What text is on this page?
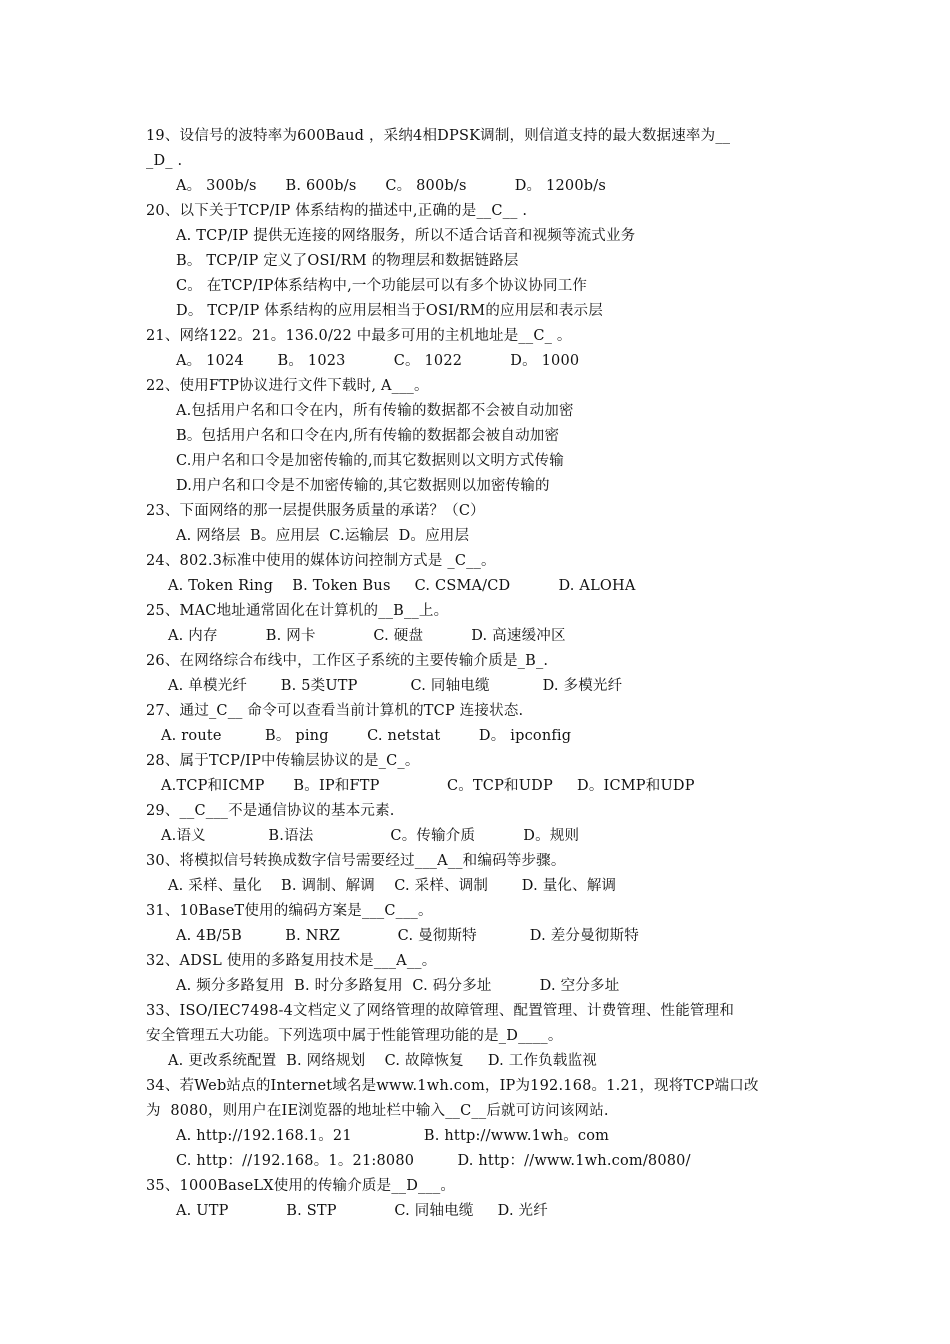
19、设信号的波特率为600Baud ，采纳4相DPSK调制，则信道支持的最大数据速率为__
_D_ .
A。 300b/s      B. 600b/s      C。 800b/s          D。 1200b/s
20、以下关于TCP/IP 体系结构的描述中,正确的是__C__ .
A. TCP/IP 提供无连接的网络服务，所以不适合话音和视频等流式业务
B。 TCP/IP 定义了OSI/RM 的物理层和数据链路层
C。 在TCP/IP体系结构中,一个功能层可以有多个协议协同工作
D。 TCP/IP 体系结构的应用层相当于OSI/RM的应用层和表示层
21、网络122。21。136.0/22 中最多可用的主机地址是__C_ 。
A。 1024       B。 1023          C。 1022          D。 1000
22、使用FTP协议进行文件下载时, A___。
A.包括用户名和口令在内，所有传输的数据都不会被自动加密
B。包括用户名和口令在内,所有传输的数据都会被自动加密
C.用户名和口令是加密传输的,而其它数据则以文明方式传输
D.用户名和口令是不加密传输的,其它数据则以加密传输的
23、下面网络的那一层提供服务质量的承诺？（C）
A. 网络层  B。应用层  C.运输层  D。应用层
24、802.3标准中使用的媒体访问控制方式是 _C__。
A. Token Ring    B. Token Bus     C. CSMA/CD          D. ALOHA
25、MAC地址通常固化在计算机的__B__上。
A. 内存          B. 网卡            C. 硬盘          D. 高速缓冲区
26、在网络综合布线中，工作区子系统的主要传输介质是_B_.
A. 单模光纤       B. 5类UTP           C. 同轴电缆           D. 多模光纤
27、通过_C__ 命令可以查看当前计算机的TCP 连接状态.
A. route         B。 ping        C. netstat        D。 ipconfig
28、属于TCP/IP中传输层协议的是_C_。
A.TCP和ICMP      B。IP和FTP              C。TCP和UDP     D。ICMP和UDP
29、__C___不是通信协议的基本元素.
A.语义             B.语法                C。传输介质          D。规则
30、将模拟信号转换成数字信号需要经过___A__和编码等步骤。
A. 采样、量化    B. 调制、解调    C. 采样、调制       D. 量化、解调
31、10BaseT使用的编码方案是___C___。
A. 4B/5B         B. NRZ            C. 曼彻斯特           D. 差分曼彻斯特
32、ADSL 使用的多路复用技术是___A__。
A. 频分多路复用  B. 时分多路复用  C. 码分多址          D. 空分多址
33、ISO/IEC7498-4文档定义了网络管理的故障管理、配置管理、计费管理、性能管理和
安全管理五大功能。下列选项中属于性能管理功能的是_D____。
A. 更改系统配置  B. 网络规划    C. 故障恢复     D. 工作负载监视
34、若Web站点的Internet域名是www.1wh.com，IP为192.168。1.21，现将TCP端口改
为  8080，则用户在IE浏览器的地址栏中输入__C__后就可访问该网站.
A. http://192.168.1。21               B. http://www.1wh。com
C. http：//192.168。1。21:8080         D. http：//www.1wh.com/8080/
35、1000BaseLX使用的传输介质是__D___。
A. UTP            B. STP            C. 同轴电缆     D. 光纤
